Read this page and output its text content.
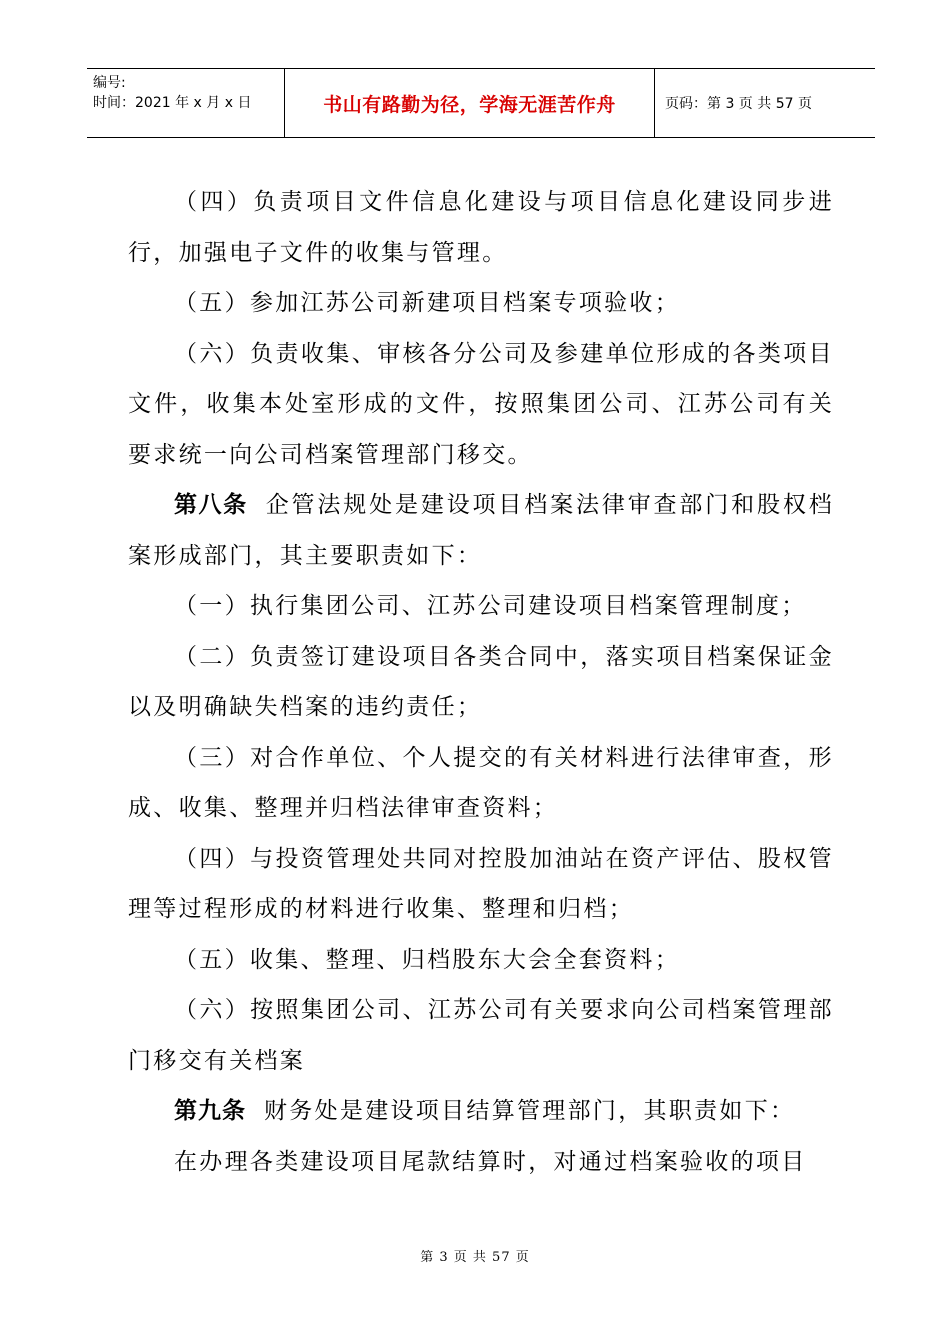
编号:
时间：2021 年 x 月 x 日	书山有路勤为径，学海无涯苦作舟	页码：第 3 页 共 57 页

（四）负责项目文件信息化建设与项目信息化建设同步进行，加强电子文件的收集与管理。

（五）参加江苏公司新建项目档案专项验收；

（六）负责收集、审核各分公司及参建单位形成的各类项目文件，收集本处室形成的文件，按照集团公司、江苏公司有关要求统一向公司档案管理部门移交。

第八条 企管法规处是建设项目档案法律审查部门和股权档案形成部门，其主要职责如下：

（一）执行集团公司、江苏公司建设项目档案管理制度；

（二）负责签订建设项目各类合同中，落实项目档案保证金以及明确缺失档案的违约责任；

（三）对合作单位、个人提交的有关材料进行法律审查，形成、收集、整理并归档法律审查资料；

（四）与投资管理处共同对控股加油站在资产评估、股权管理等过程形成的材料进行收集、整理和归档；

（五）收集、整理、归档股东大会全套资料；

（六）按照集团公司、江苏公司有关要求向公司档案管理部门移交有关档案

第九条 财务处是建设项目结算管理部门，其职责如下：

在办理各类建设项目尾款结算时，对通过档案验收的项目

第 3 页 共 57 页
